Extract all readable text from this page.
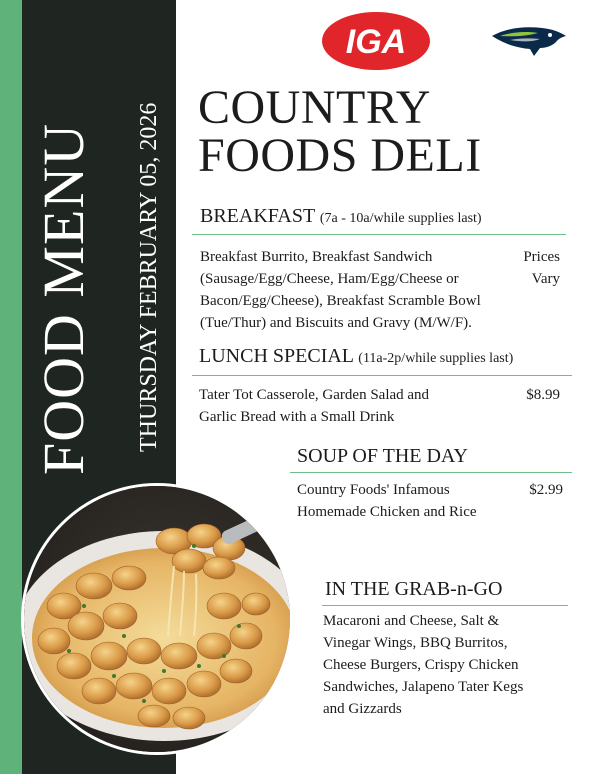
FOOD MENU THURSDAY FEBRUARY 05, 2026
IGA
COUNTRY
FOODS DELI
BREAKFAST (7a - 10a/while supplies last)
Breakfast Burrito, Breakfast Sandwich
(Sausage/Egg/Cheese, Ham/Egg/Cheese or
Bacon/Egg/Cheese), Breakfast Scramble Bowl
(Tue/Thur) and Biscuits and Gravy (M/W/F).
Prices
Vary
LUNCH SPECIAL (11a-2p/while supplies last)
Tater Tot Casserole, Garden Salad and
Garlic Bread with a Small Drink
$8.99
SOUP OF THE DAY
Country Foods' Infamous
Homemade Chicken and Rice
$2.99
IN THE GRAB-n-GO
Macaroni and Cheese, Salt &
Vinegar Wings, BBQ Burritos,
Cheese Burgers, Crispy Chicken
Sandwiches, Jalapeno Tater Kegs
and Gizzards
